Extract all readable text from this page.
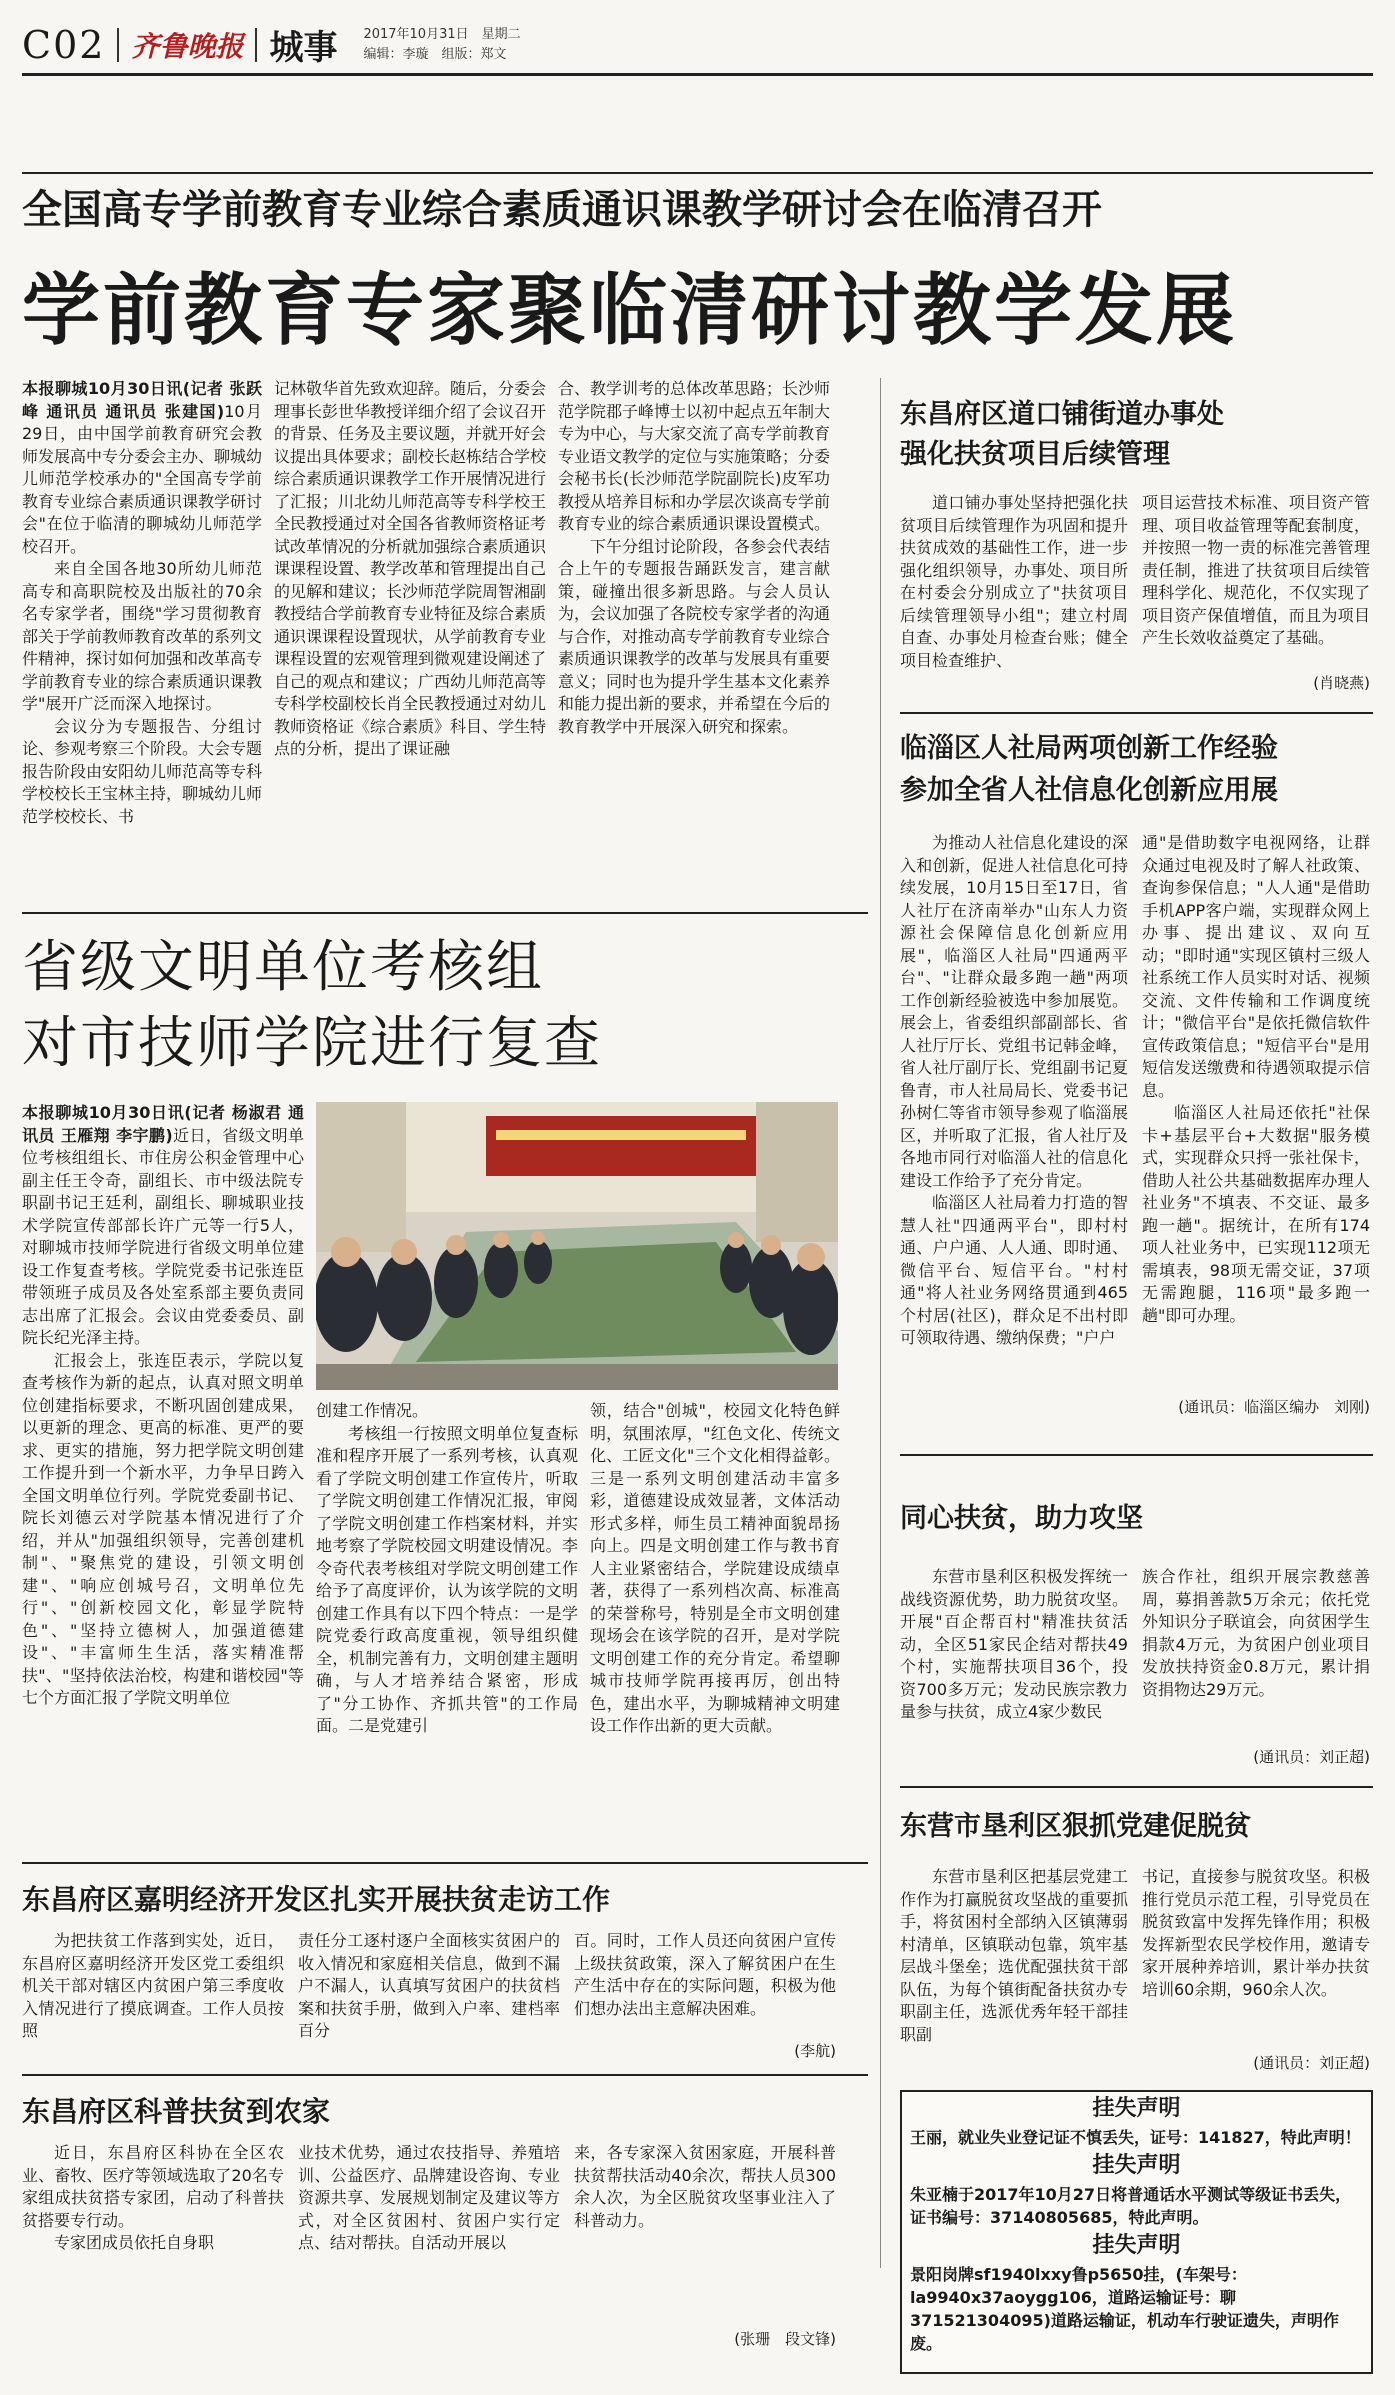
C02 齐鲁晚报 城事 2017年10月31日　星期二
编辑：李璇　组版：郑文
全国高专学前教育专业综合素质通识课教学研讨会在临清召开
学前教育专家聚临清研讨教学发展

本报聊城10月30日讯(记者 张跃峰 通讯员 通讯员 张建国)10月29日，由中国学前教育研究会教师发展高中专分委会主办、聊城幼儿师范学校承办的"全国高专学前教育专业综合素质通识课教学研讨会"在位于临清的聊城幼儿师范学校召开。

来自全国各地30所幼儿师范高专和高职院校及出版社的70余名专家学者，围绕"学习贯彻教育部关于学前教师教育改革的系列文件精神，探讨如何加强和改革高专学前教育专业的综合素质通识课教学"展开广泛而深入地探讨。

会议分为专题报告、分组讨论、参观考察三个阶段。大会专题报告阶段由安阳幼儿师范高等专科学校校长王宝林主持，聊城幼儿师范学校校长、书

记林敬华首先致欢迎辞。随后，分委会理事长彭世华教授详细介绍了会议召开的背景、任务及主要议题，并就开好会议提出具体要求；副校长赵栋结合学校综合素质通识课教学工作开展情况进行了汇报；川北幼儿师范高等专科学校王全民教授通过对全国各省教师资格证考试改革情况的分析就加强综合素质通识课课程设置、教学改革和管理提出自己的见解和建议；长沙师范学院周智湘副教授结合学前教育专业特征及综合素质通识课课程设置现状，从学前教育专业课程设置的宏观管理到微观建设阐述了自己的观点和建议；广西幼儿师范高等专科学校副校长肖全民教授通过对幼儿教师资格证《综合素质》科目、学生特点的分析，提出了课证融

合、教学训考的总体改革思路；长沙师范学院郡子峰博士以初中起点五年制大专为中心，与大家交流了高专学前教育专业语文教学的定位与实施策略；分委会秘书长(长沙师范学院副院长)皮军功教授从培养目标和办学层次谈高专学前教育专业的综合素质通识课设置模式。

下午分组讨论阶段，各参会代表结合上午的专题报告踊跃发言，建言献策，碰撞出很多新思路。与会人员认为，会议加强了各院校专家学者的沟通与合作，对推动高专学前教育专业综合素质通识课教学的改革与发展具有重要意义；同时也为提升学生基本文化素养和能力提出新的要求，并希望在今后的教育教学中开展深入研究和探索。

省级文明单位考核组
对市技师学院进行复查

本报聊城10月30日讯(记者 杨淑君 通讯员 王雁翔 李宇鹏)近日，省级文明单位考核组组长、市住房公积金管理中心副主任王令奇，副组长、市中级法院专职副书记王廷利，副组长、聊城职业技术学院宣传部部长许广元等一行5人，对聊城市技师学院进行省级文明单位建设工作复查考核。学院党委书记张连臣带领班子成员及各处室系部主要负责同志出席了汇报会。会议由党委委员、副院长纪光泽主持。

汇报会上，张连臣表示，学院以复查考核作为新的起点，认真对照文明单位创建指标要求，不断巩固创建成果，以更新的理念、更高的标准、更严的要求、更实的措施，努力把学院文明创建工作提升到一个新水平，力争早日跨入全国文明单位行列。学院党委副书记、院长刘德云对学院基本情况进行了介绍，并从"加强组织领导，完善创建机制"、"聚焦党的建设，引领文明创建"、"响应创城号召，文明单位先行"、"创新校园文化，彰显学院特色"、"坚持立德树人，加强道德建设"、"丰富师生生活，落实精准帮扶"、"坚持依法治校，构建和谐校园"等七个方面汇报了学院文明单位

创建工作情况。

考核组一行按照文明单位复查标准和程序开展了一系列考核，认真观看了学院文明创建工作宣传片，听取了学院文明创建工作情况汇报，审阅了学院文明创建工作档案材料，并实地考察了学院校园文明建设情况。李令奇代表考核组对学院文明创建工作给予了高度评价，认为该学院的文明创建工作具有以下四个特点：一是学院党委行政高度重视，领导组织健全，机制完善有力，文明创建主题明确，与人才培养结合紧密，形成了"分工协作、齐抓共管"的工作局面。二是党建引

领，结合"创城"，校园文化特色鲜明，氛围浓厚，"红色文化、传统文化、工匠文化"三个文化相得益彰。三是一系列文明创建活动丰富多彩，道德建设成效显著，文体活动形式多样，师生员工精神面貌昂扬向上。四是文明创建工作与教书育人主业紧密结合，学院建设成绩卓著，获得了一系列档次高、标准高的荣誉称号，特别是全市文明创建现场会在该学院的召开，是对学院文明创建工作的充分肯定。希望聊城市技师学院再接再厉，创出特色，建出水平，为聊城精神文明建设工作作出新的更大贡献。

东昌府区嘉明经济开发区扎实开展扶贫走访工作

为把扶贫工作落到实处，近日，东昌府区嘉明经济开发区党工委组织机关干部对辖区内贫困户第三季度收入情况进行了摸底调查。工作人员按照

责任分工逐村逐户全面核实贫困户的收入情况和家庭相关信息，做到不漏户不漏人，认真填写贫困户的扶贫档案和扶贫手册，做到入户率、建档率百分

百。同时，工作人员还向贫困户宣传上级扶贫政策，深入了解贫困户在生产生活中存在的实际问题，积极为他们想办法出主意解决困难。

(李航)
东昌府区科普扶贫到农家

近日，东昌府区科协在全区农业、畜牧、医疗等领域选取了20名专家组成扶贫搭专家团，启动了科普扶贫搭要专行动。

专家团成员依托自身职

业技术优势，通过农技指导、养殖培训、公益医疗、品牌建设咨询、专业资源共享、发展规划制定及建议等方式，对全区贫困村、贫困户实行定点、结对帮扶。自活动开展以

来，各专家深入贫困家庭，开展科普扶贫帮扶活动40余次，帮扶人员300余人次，为全区脱贫攻坚事业注入了科普动力。

(张珊　段文锋)
东昌府区道口铺街道办事处
强化扶贫项目后续管理

道口铺办事处坚持把强化扶贫项目后续管理作为巩固和提升扶贫成效的基础性工作，进一步强化组织领导，办事处、项目所在村委会分别成立了"扶贫项目后续管理领导小组"；建立村周自查、办事处月检查台账；健全项目检查维护、

项目运营技术标准、项目资产管理、项目收益管理等配套制度，并按照一物一责的标准完善管理责任制，推进了扶贫项目后续管理科学化、规范化，不仅实现了项目资产保值增值，而且为项目产生长效收益奠定了基础。

(肖晓燕)
临淄区人社局两项创新工作经验
参加全省人社信息化创新应用展

为推动人社信息化建设的深入和创新，促进人社信息化可持续发展，10月15日至17日，省人社厅在济南举办"山东人力资源社会保障信息化创新应用展"，临淄区人社局"四通两平台"、"让群众最多跑一趟"两项工作创新经验被选中参加展览。展会上，省委组织部副部长、省人社厅厅长、党组书记韩金峰，省人社厅副厅长、党组副书记夏鲁青，市人社局局长、党委书记孙树仁等省市领导参观了临淄展区，并听取了汇报，省人社厅及各地市同行对临淄人社的信息化建设工作给予了充分肯定。

临淄区人社局着力打造的智慧人社"四通两平台"，即村村通、户户通、人人通、即时通、微信平台、短信平台。"村村通"将人社业务网络贯通到465个村居(社区)，群众足不出村即可领取待遇、缴纳保费；"户户

通"是借助数字电视网络，让群众通过电视及时了解人社政策、查询参保信息；"人人通"是借助手机APP客户端，实现群众网上办事、提出建议、双向互动；"即时通"实现区镇村三级人社系统工作人员实时对话、视频交流、文件传输和工作调度统计；"微信平台"是依托微信软件宣传政策信息；"短信平台"是用短信发送缴费和待遇领取提示信息。

临淄区人社局还依托"社保卡+基层平台+大数据"服务模式，实现群众只捋一张社保卡，借助人社公共基础数据库办理人社业务"不填表、不交证、最多跑一趟"。据统计，在所有174项人社业务中，已实现112项无需填表，98项无需交证，37项无需跑腿，116项"最多跑一趟"即可办理。

(通讯员：临淄区编办　刘刚)
同心扶贫，助力攻坚

东营市垦利区积极发挥统一战线资源优势，助力脱贫攻坚。开展"百企帮百村"精准扶贫活动，全区51家民企结对帮扶49个村，实施帮扶项目36个，投资700多万元；发动民族宗教力量参与扶贫，成立4家少数民

族合作社，组织开展宗教慈善周，募捐善款5万余元；依托党外知识分子联谊会，向贫困学生捐款4万元，为贫困户创业项目发放扶持资金0.8万元，累计捐资捐物达29万元。

(通讯员：刘正超)
东营市垦利区狠抓党建促脱贫

东营市垦利区把基层党建工作作为打赢脱贫攻坚战的重要抓手，将贫困村全部纳入区镇薄弱村清单，区镇联动包靠，筑牢基层战斗堡垒；选优配强扶贫干部队伍，为每个镇街配备扶贫办专职副主任，选派优秀年轻干部挂职副

书记，直接参与脱贫攻坚。积极推行党员示范工程，引导党员在脱贫致富中发挥先锋作用；积极发挥新型农民学校作用，邀请专家开展种养培训，累计举办扶贫培训60余期，960余人次。

(通讯员：刘正超)
挂失声明
王丽，就业失业登记证不慎丢失，证号：141827，特此声明！
挂失声明
朱亚楠于2017年10月27日将普通话水平测试等级证书丢失，证书编号：37140805685，特此声明。
挂失声明
景阳岗牌sf1940lxxy鲁p5650挂，(车架号：la9940x37aoygg106，道路运输证号：聊371521304095)道路运输证，机动车行驶证遗失，声明作废。
